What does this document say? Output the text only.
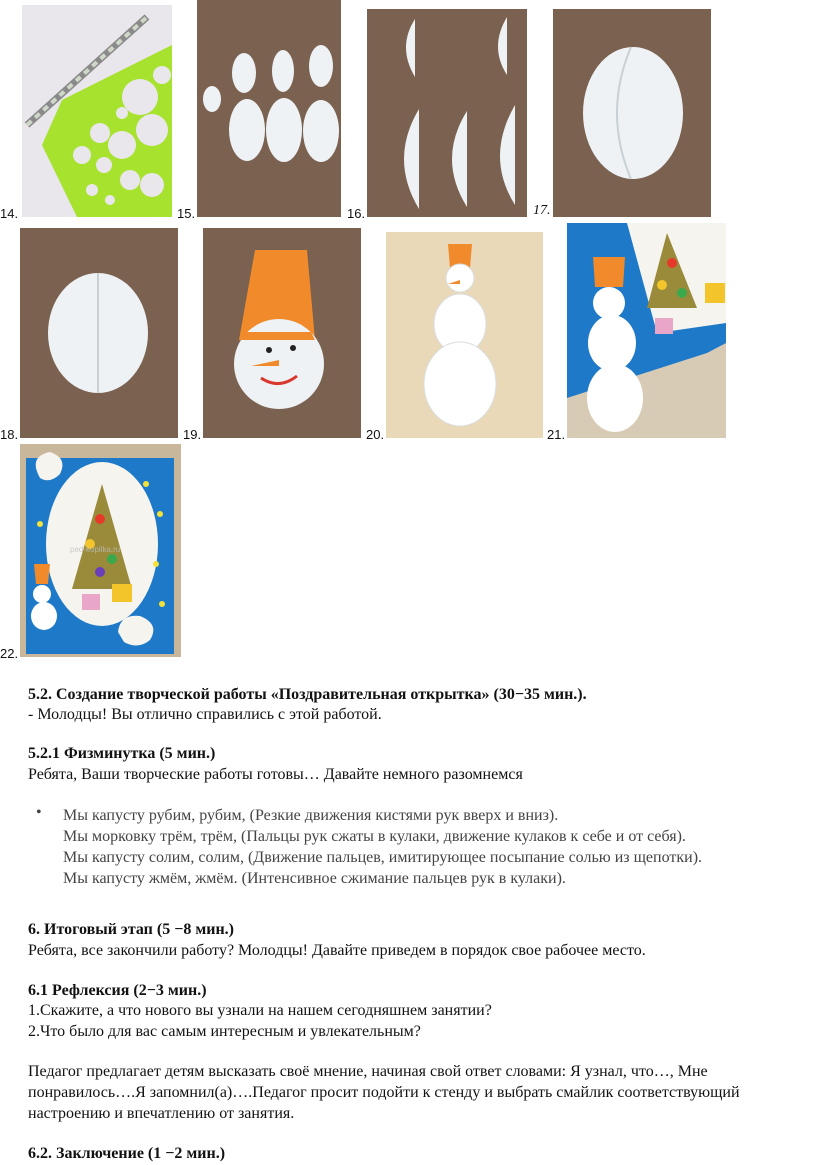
14.	15.	16.	17.
18.	19.	20.	21.
22.
ped-kopilka.ru
5.2. Создание творческой работы «Поздравительная открытка» (30−35 мин.).
- Молодцы! Вы отлично справились с этой работой.
5.2.1 Физминутка (5 мин.)
Ребята, Ваши творческие работы готовы… Давайте немного разомнемся
• Мы капусту рубим, рубим, (Резкие движения кистями рук вверх и вниз).
Мы морковку трём, трём, (Пальцы рук сжаты в кулаки, движение кулаков к себе и от себя).
Мы капусту солим, солим, (Движение пальцев, имитирующее посыпание солью из щепотки).
Мы капусту жмём, жмём. (Интенсивное сжимание пальцев рук в кулаки).
6. Итоговый этап (5 −8 мин.)
Ребята, все закончили работу? Молодцы! Давайте приведем в порядок свое рабочее место.
6.1 Рефлексия (2−3 мин.)
1.Скажите, а что нового вы узнали на нашем сегодняшнем занятии?
2.Что было для вас самым интересным и увлекательным?
Педагог предлагает детям высказать своё мнение, начиная свой ответ словами: Я узнал, что…, Мне
понравилось….Я запомнил(а)….Педагог просит подойти к стенду и выбрать смайлик соответствующий
настроению и впечатлению от занятия.
6.2. Заключение (1 −2 мин.)
